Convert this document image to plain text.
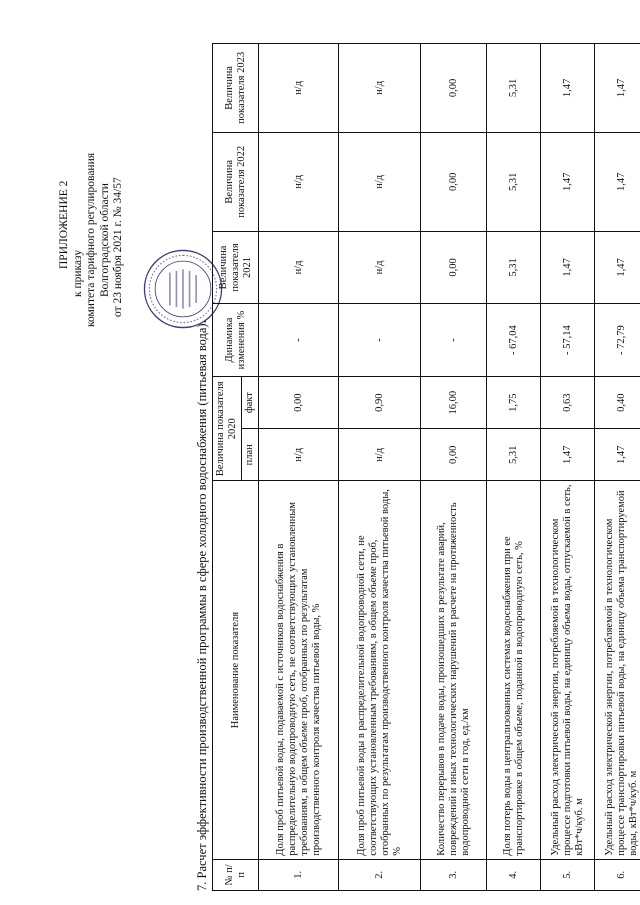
ПРИЛОЖЕНИЕ 2
к приказу комитета тарифного регулирования Волгоградской области от 23 ноября 2021 г. № 34/57
7. Расчет эффективности производственной программы в сфере холодного водоснабжения (питьевая вода). № п/п	Наименование показателя	Величина показателя 2020		Динамика изменения %	Величина показателя 2021	Величина показателя 2022	Величина показателя 2023
		план	факт				
1.	Доля проб питьевой воды, подаваемой с источников водоснабжения в распределительную водопроводную сеть, не соответствующих установленным требованиям, в общем объеме проб, отобранных по результатам производственного контроля качества питьевой воды, %	н/д	0,00	-	н/д	н/д	н/д
2.	Доля проб питьевой воды в распределительной водопроводной сети, не соответствующих установленным требованиям, в общем объеме проб, отобранных по результатам производственного контроля качества питьевой воды, %	н/д	0,90	-	н/д	н/д	н/д
3.	Количество перерывов в подаче воды, произошедших в результате аварий, повреждений и иных технологических нарушений в расчете на протяженность водопроводной сети в год, ед./км	0,00	16,00	-	0,00	0,00	0,00
4.	Доля потерь воды в централизованных системах водоснабжения при ее транспортировке в общем объеме, поданной в водопроводную сеть, %	5,31	1,75	- 67,04	5,31	5,31	5,31
5.	Удельный расход электрической энергии, потребляемой в технологическом процессе подготовки питьевой воды, на единицу объема воды, отпускаемой в сеть, кВт*ч/куб. м	1,47	0,63	- 57,14	1,47	1,47	1,47
6.	Удельный расход электрической энергии, потребляемой в технологическом процессе транспортировки питьевой воды, на единицу объема транспортируемой воды, кВт*ч/куб. м	1,47	0,40	- 72,79	1,47	1,47	1,47
